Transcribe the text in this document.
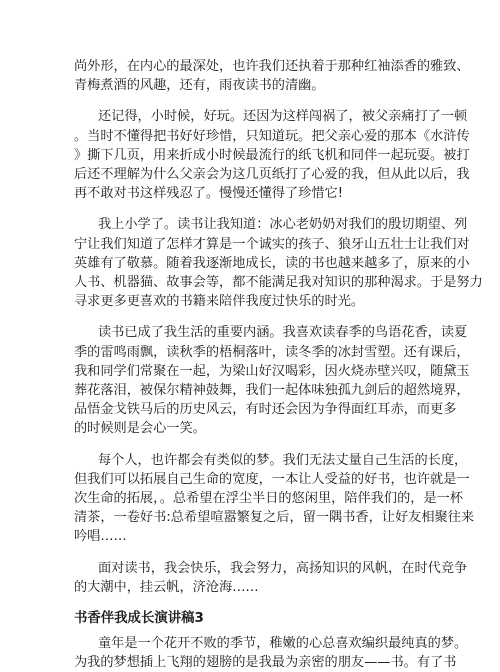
尚外形，在内心的最深处，也许我们还执着于那种红袖添香的雅致、
青梅煮酒的风趣，还有，雨夜读书的清幽。
还记得，小时候，好玩。还因为这样闯祸了，被父亲痛打了一顿
。当时不懂得把书好好珍惜，只知道玩。把父亲心爱的那本《水浒传
》撕下几页，用来折成小时候最流行的纸飞机和同伴一起玩耍。被打
后还不理解为什么父亲会为这几页纸打了心爱的我，但从此以后，我
再不敢对书这样残忍了。慢慢还懂得了珍惜它!
我上小学了。读书让我知道：冰心老奶奶对我们的殷切期望、列
宁让我们知道了怎样才算是一个诚实的孩子、狼牙山五壮士让我们对
英雄有了敬慕。随着我逐渐地成长，读的书也越来越多了，原来的小
人书、机器猫、故事会等，都不能满足我对知识的那种渴求。于是努力
寻求更多更喜欢的书籍来陪伴我度过快乐的时光。
读书已成了我生活的重要内涵。我喜欢读春季的鸟语花香，读夏
季的雷鸣雨飘，读秋季的梧桐落叶，读冬季的冰封雪塑。还有课后，
我和同学们常聚在一起，为梁山好汉喝彩，因火烧赤壁兴叹，随黛玉
葬花落泪，被保尔精神鼓舞，我们一起体味独孤九剑后的超然境界，
品悟金戈铁马后的历史风云，有时还会因为争得面红耳赤，而更多
的时候则是会心一笑。
每个人，也许都会有类似的梦。我们无法丈量自己生活的长度，
但我们可以拓展自己生命的宽度，一本让人受益的好书，也许就是一
次生命的拓展，。总希望在浮尘半日的悠闲里，陪伴我们的，是一杯
清茶，一卷好书:总希望喧嚣繁复之后，留一隅书香，让好友相聚往来
吟唱……
面对读书，我会快乐，我会努力，高扬知识的风帆，在时代竞争
的大潮中，挂云帆，济沧海……
书香伴我成长演讲稿3
童年是一个花开不败的季节，稚嫩的心总喜欢编织最纯真的梦。
为我的梦想插上飞翔的翅膀的是我最为亲密的朋友——书。有了书
